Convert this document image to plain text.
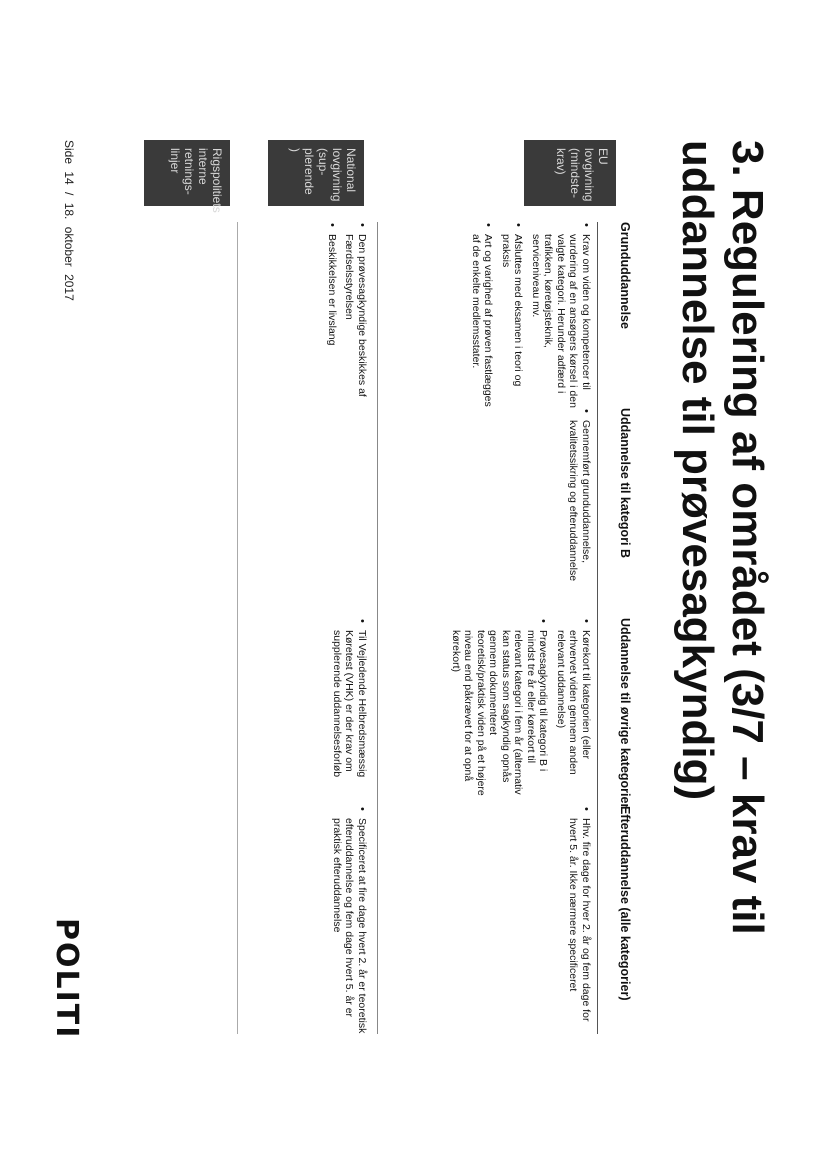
3. Regulering af området (3/7 – krav til uddannelse til prøvesagkyndig)
EU lovgivning (mindste-krav)
National lovgivning (sup-plerende )
Rigspolitiets interne retnings-linjer
Grunduddannelse
Uddannelse til kategori B
Uddannelse til øvrige kategorier
Efteruddannelse (alle kategorier)
• Krav om viden og kompetencer til vurdering af en ansøgers kørsel i den valgte kategori. Herunder adfærd i trafikken, køretøjsteknik, serviceniveau mv.
• Afsluttes med eksamen i teori og praksis
• Art og varighed af prøven fastlægges af de enkelte medlemsstater.
• Gennemført grunduddannelse, kvalitetssikring og efteruddannelse
• Kørekort til kategorien (eller erhvervet viden gennem anden relevant uddannelse)
• Prøvesagkyndig til kategori B i mindst tre år eller kørekort til relevant kategori i fem år (alternativ kan status som sagkyndig opnås gennem dokumenteret teoretisk/praktisk viden på et højere niveau end påkrævet for at opnå kørekort)
• Hhv. fire dage for hver 2. år og fem dage for hvert 5. år. Ikke nærmere specificeret
• Den prøvesagkyndige beskikkes af Færdselsstyrelsen
• Beskikkelsen er livslang
• Til Vejledende Helbredsmæssig Køretest (VHK) er der krav om supplerende uddannelsesforløb
• Specificeret at fire dage hvert 2. år er teoretisk efteruddannelse og fem dage hvert 5. år er praktisk efteruddannelse
Side 14 / 18. oktober 2017
POLITI
